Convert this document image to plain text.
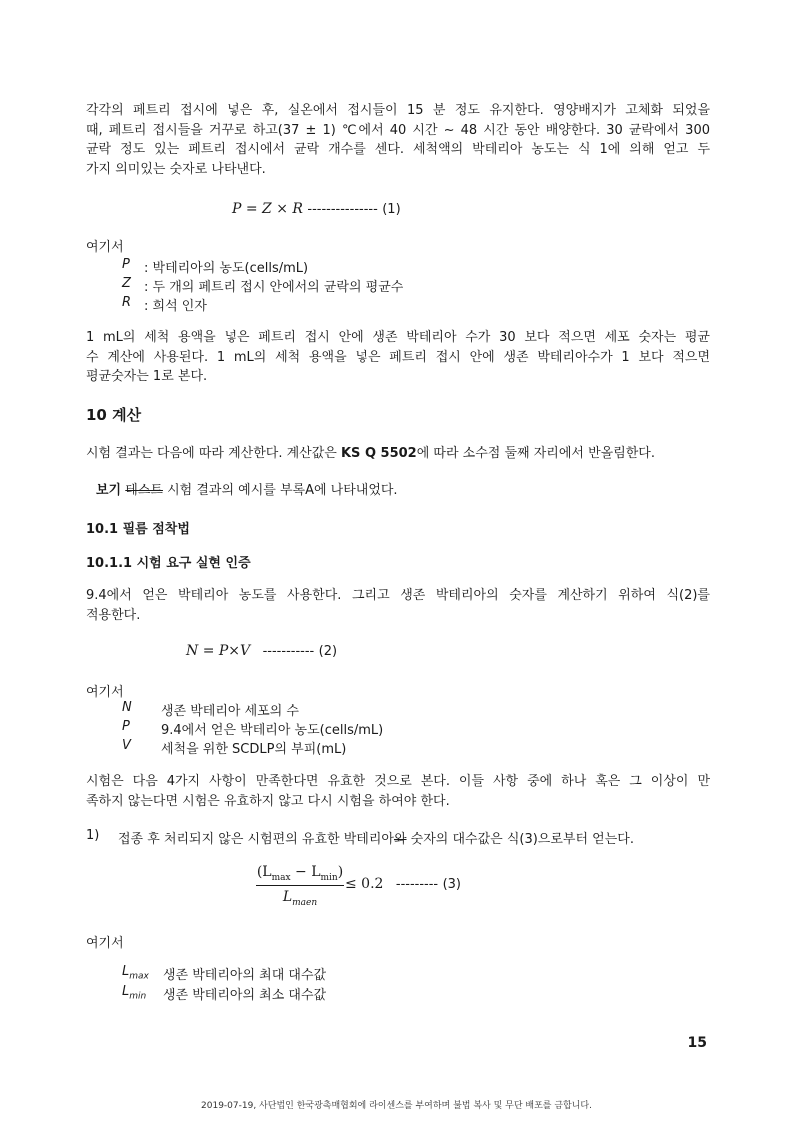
각각의 페트리 접시에 넣은 후, 실온에서 접시들이 15 분 정도 유지한다. 영양배지가 고체화 되었을
때, 페트리 접시들을 거꾸로 하고(37 ± 1) ℃에서 40 시간 ~ 48 시간 동안 배양한다. 30 균락에서 300
균락 정도 있는 페트리 접시에서 균락 개수를 센다. 세척액의 박테리아 농도는 식 1에 의해 얻고 두
가지 의미있는 숫자로 나타낸다.
P = Z × R --------------- (1)
여기서
P : 박테리아의 농도(cells/mL)
Z : 두 개의 페트리 접시 안에서의 균락의 평균수
R : 희석 인자
1 mL의 세척 용액을 넣은 페트리 접시 안에 생존 박테리아 수가 30 보다 적으면 세포 숫자는 평균
수 계산에 사용된다. 1 mL의 세척 용액을 넣은 페트리 접시 안에 생존 박테리아수가 1 보다 적으면
평균숫자는 1로 본다.
10 계산
시험 결과는 다음에 따라 계산한다. 계산값은 KS Q 5502에 따라 소수점 둘째 자리에서 반올림한다.
보기 테스트 시험 결과의 예시를 부록A에 나타내었다.
10.1 필름 점착법
10.1.1 시험 요구 실현 인증
9.4에서 얻은 박테리아 농도를 사용한다. 그리고 생존 박테리아의 숫자를 계산하기 위하여 식(2)를
적용한다.
N = P×V ----------- (2)
여기서
N 생존 박테리아 세포의 수
P 9.4에서 얻은 박테리아 농도(cells/mL)
V 세척을 위한 SCDLP의 부피(mL)
시험은 다음 4가지 사항이 만족한다면 유효한 것으로 본다. 이들 사항 중에 하나 혹은 그 이상이 만
족하지 않는다면 시험은 유효하지 않고 다시 시험을 하여야 한다.
1) 접종 후 처리되지 않은 시험편의 유효한 박테리아와 숫자의 대수값은 식(3)으로부터 얻는다.
$(L_{max} - L_{min})$
$L_{maen}$
≤ 0.2 --------- (3)
여기서
$L_{max}$ 생존 박테리아의 최대 대수값
$L_{min}$ 생존 박테리아의 최소 대수값
15
2019-07-19, 사단법인 한국광촉매협회에 라이센스를 부여하며 불법 복사 및 무단 배포를 금합니다.
